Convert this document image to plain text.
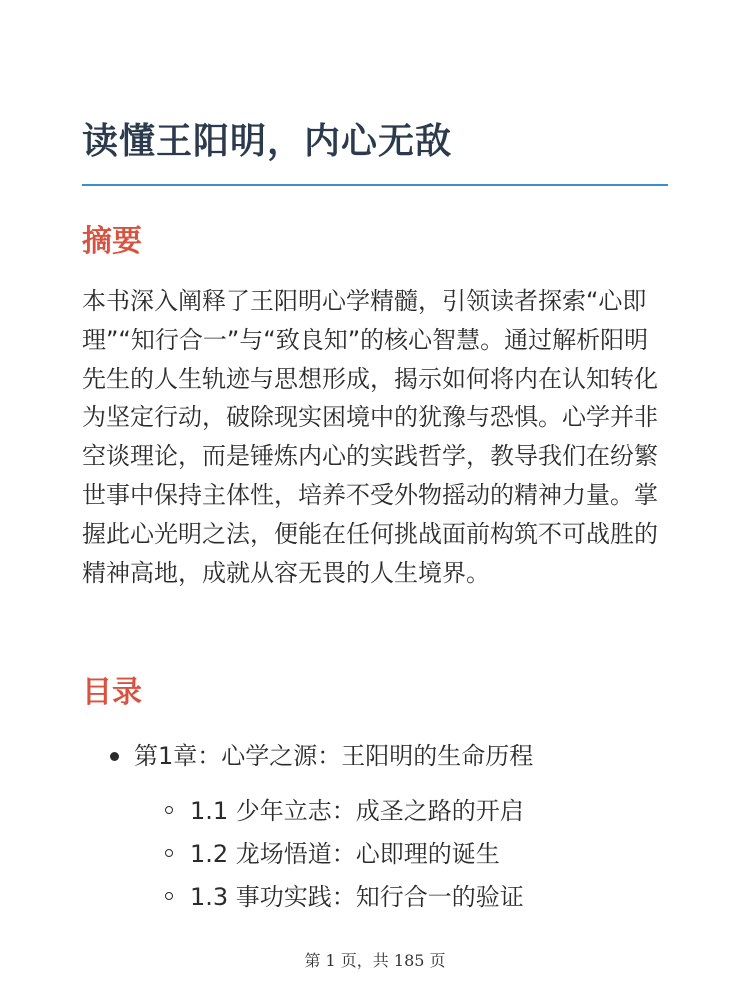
读懂王阳明，内心无敌
摘要

本书深入阐释了王阳明心学精髓，引领读者探索“心即理”“知行合一”与“致良知”的核心智慧。通过解析阳明先生的人生轨迹与思想形成，揭示如何将内在认知转化为坚定行动，破除现实困境中的犹豫与恐惧。心学并非空谈理论，而是锤炼内心的实践哲学，教导我们在纷繁世事中保持主体性，培养不受外物摇动的精神力量。掌握此心光明之法，便能在任何挑战面前构筑不可战胜的精神高地，成就从容无畏的人生境界。

目录
第1章：心学之源：王阳明的生命历程
1.1 少年立志：成圣之路的开启
1.2 龙场悟道：心即理的诞生
1.3 事功实践：知行合一的验证
第 1 页，共 185 页
